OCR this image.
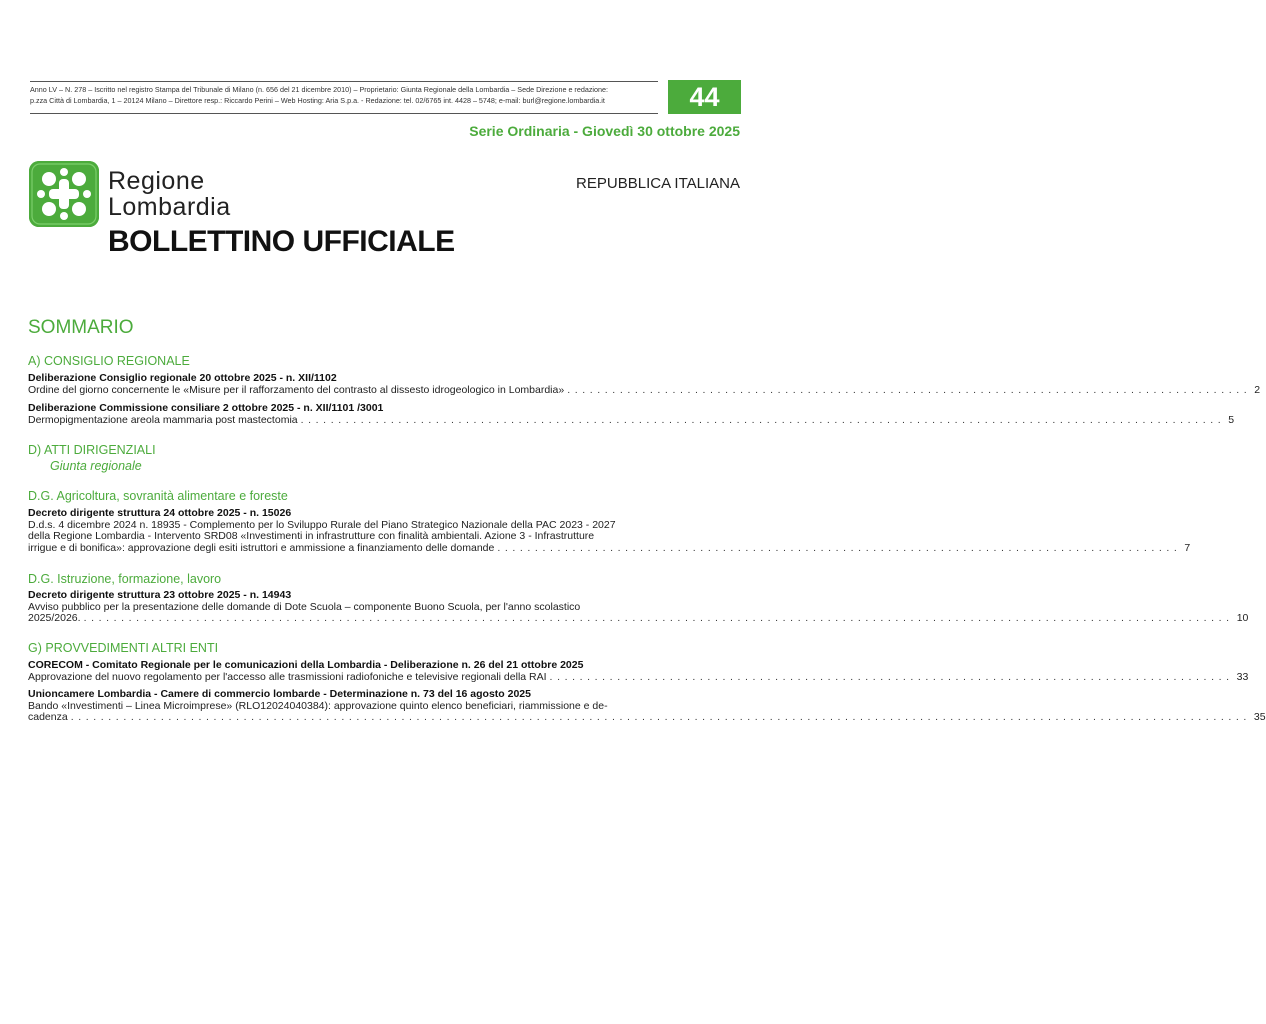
Anno LV – N. 278 – Iscritto nel registro Stampa del Tribunale di Milano (n. 656 del 21 dicembre 2010) – Proprietario: Giunta Regionale della Lombardia – Sede Direzione e redazione:
p.zza Città di Lombardia, 1 – 20124 Milano – Direttore resp.: Riccardo Perini – Web Hosting: Aria S.p.a. - Redazione: tel. 02/6765 int. 4428 – 5748; e-mail: burl@regione.lombardia.it	44
Serie Ordinaria - Giovedì 30 ottobre 2025
Regione
Lombardia
REPUBBLICA ITALIANA
BOLLETTINO UFFICIALE
SOMMARIO
A) CONSIGLIO REGIONALE
Deliberazione Consiglio regionale 20 ottobre 2025 - n. XII/1102
Ordine del giorno concernente le «Misure per il rafforzamento del contrasto al dissesto idrogeologico in Lombardia» ........................................................................................... 2
Deliberazione Commissione consiliare 2 ottobre 2025 - n. XII/1101 /3001
Dermopigmentazione areola mammaria post mastectomia ........................................................................................................................... 5
D) ATTI DIRIGENZIALI
Giunta regionale
D.G. Agricoltura, sovranità alimentare e foreste
Decreto dirigente struttura 24 ottobre 2025 - n. 15026
D.d.s. 4 dicembre 2024 n. 18935 - Complemento per lo Sviluppo Rurale del Piano Strategico Nazionale della PAC 2023 - 2027
della Regione Lombardia - Intervento SRD08 «Investimenti in infrastrutture con finalità ambientali. Azione 3 - Infrastrutture
irrigue e di bonifica»: approvazione degli esiti istruttori e ammissione a finanziamento delle domande ........................................................................................... 7
D.G. Istruzione, formazione, lavoro
Decreto dirigente struttura 23 ottobre 2025 - n. 14943
Avviso pubblico per la presentazione delle domande di Dote Scuola – componente Buono Scuola, per l'anno scolastico
2025/2026. ......................................................................................................................................................... 10
G) PROVVEDIMENTI ALTRI ENTI
CORECOM - Comitato Regionale per le comunicazioni della Lombardia - Deliberazione n. 26 del 21 ottobre 2025
Approvazione del nuovo regolamento per l'accesso alle trasmissioni radiofoniche e televisive regionali della RAI ........................................................................................... 33
Unioncamere Lombardia - Camere di commercio lombarde - Determinazione n. 73 del 16 agosto 2025
Bando «Investimenti – Linea Microimprese» (RLO12024040384): approvazione quinto elenco beneficiari, riammissione e de-
cadenza ............................................................................................................................................................. 35
